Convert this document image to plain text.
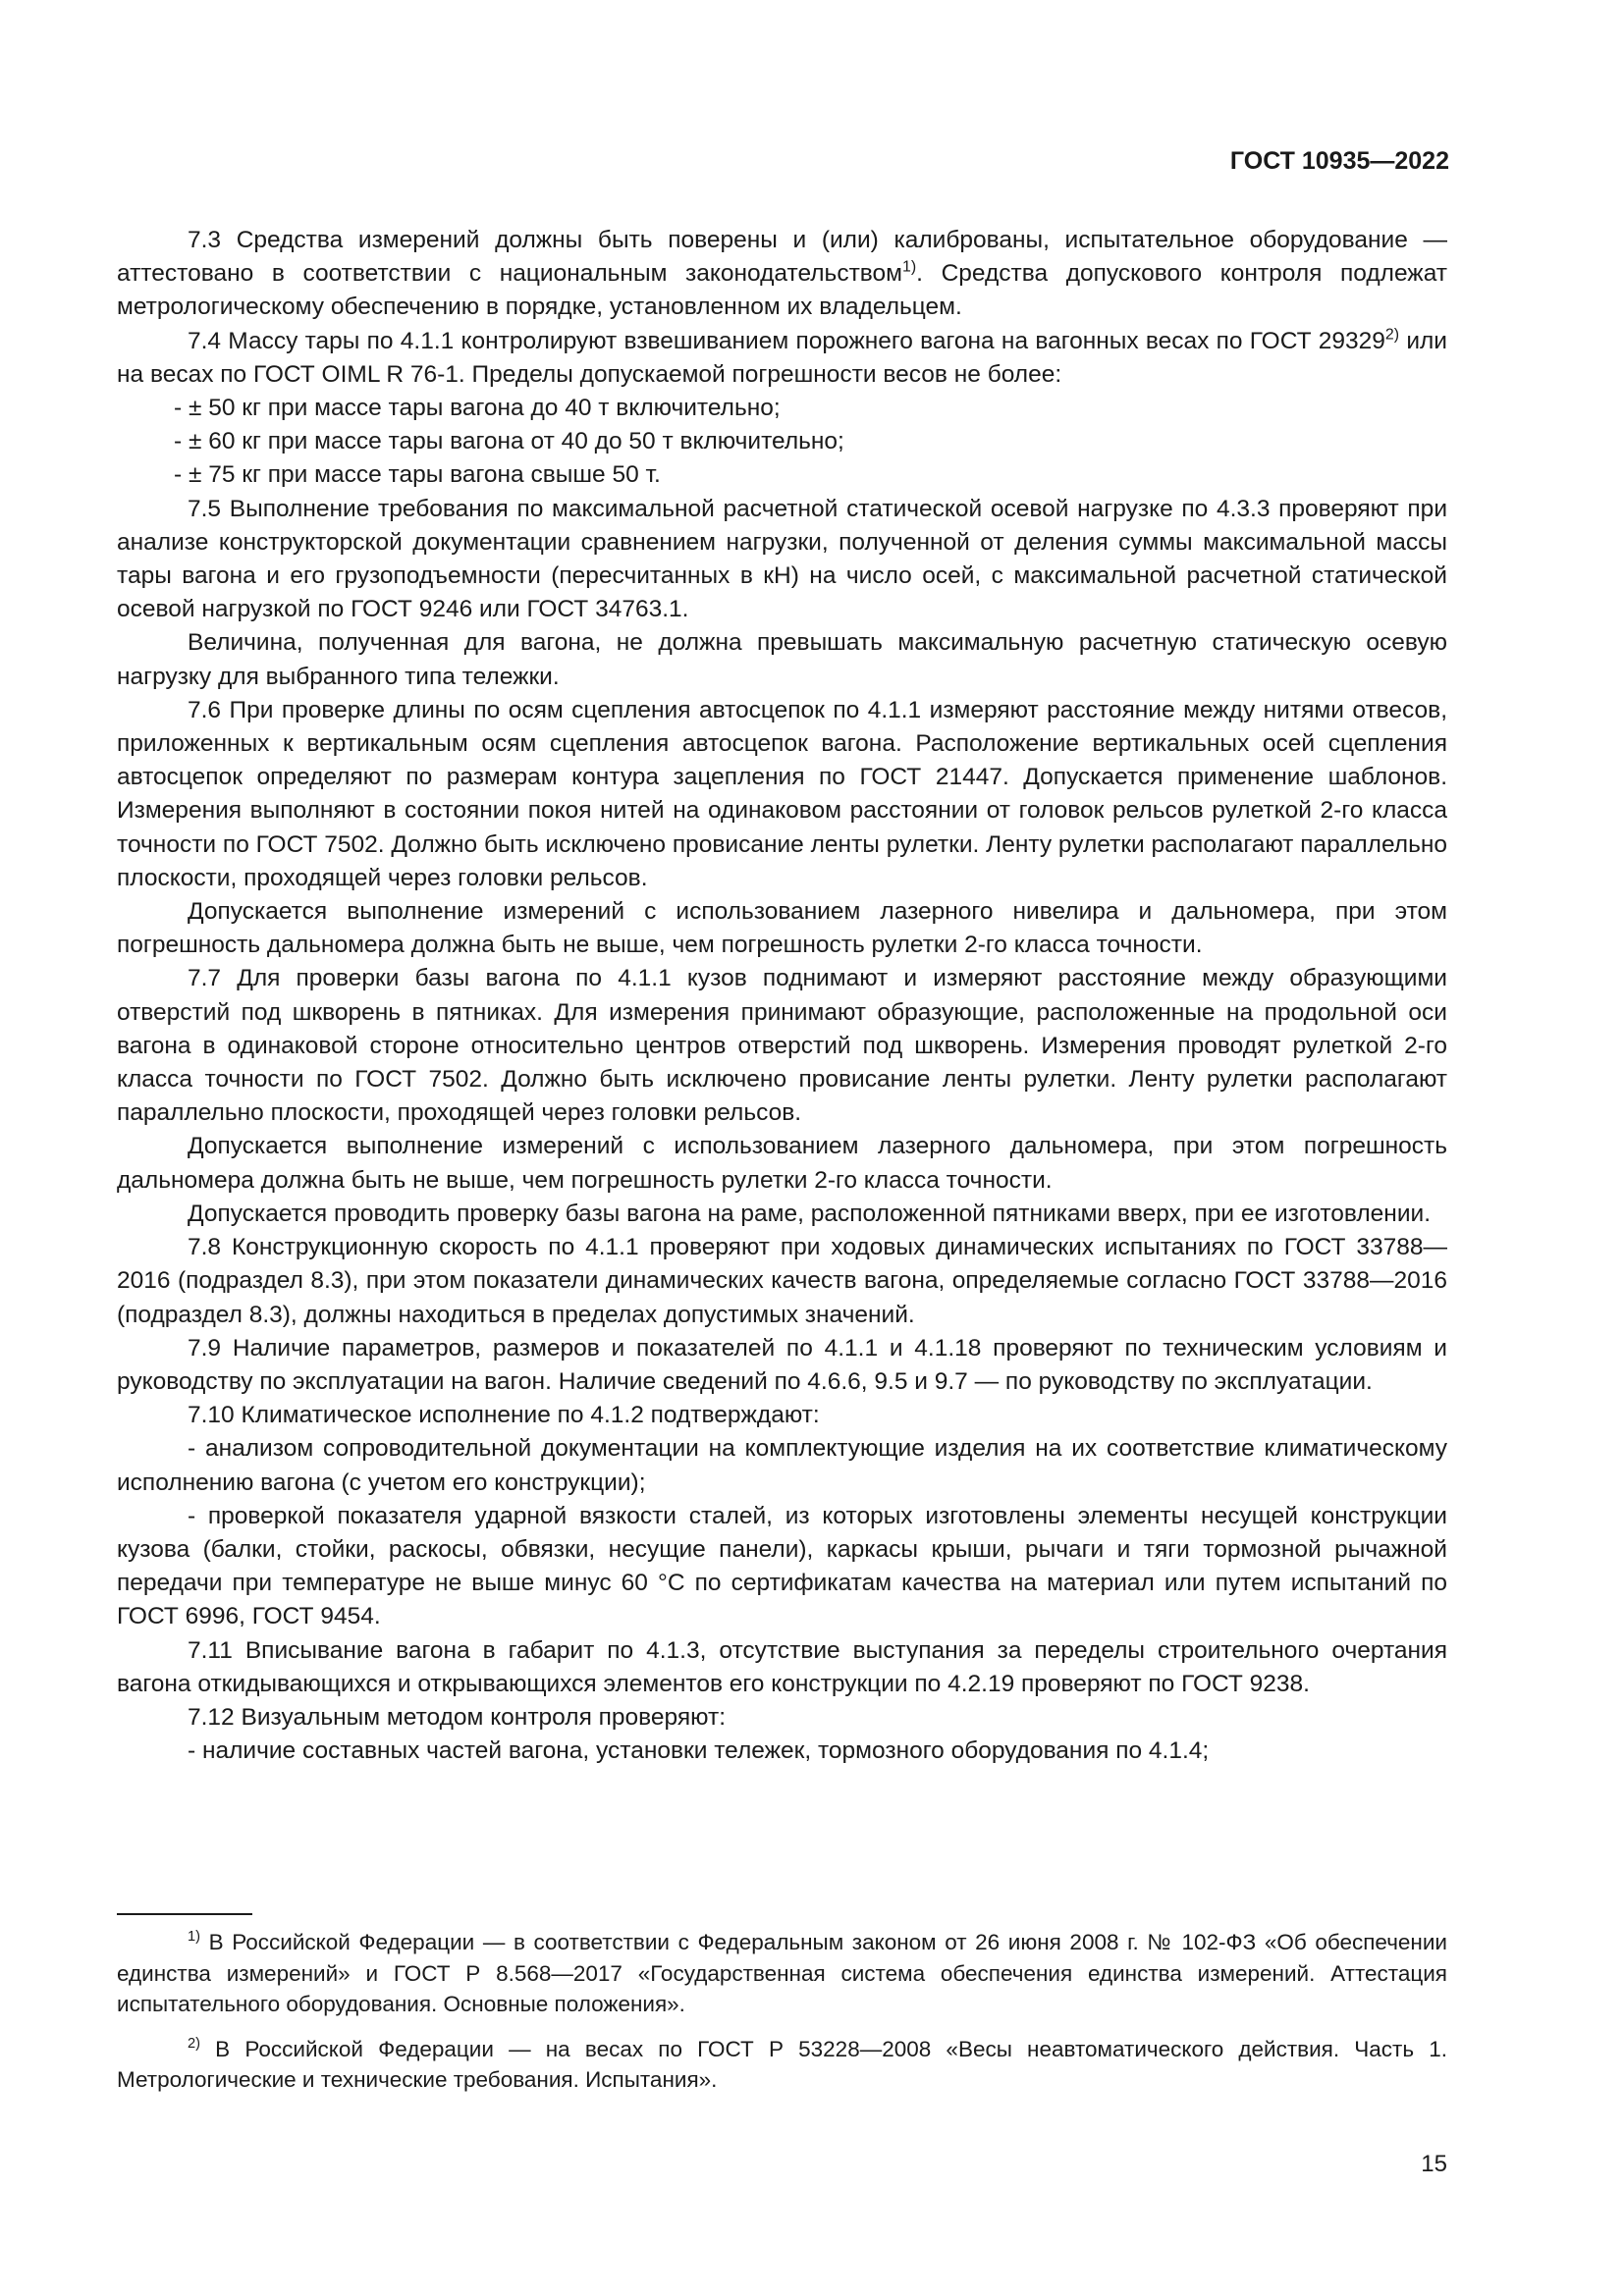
ГОСТ 10935—2022

7.3 Средства измерений должны быть поверены и (или) калиброваны, испытательное оборудование — аттестовано в соответствии с национальным законодательством$^{1)}$. Средства допускового контроля подлежат метрологическому обеспечению в порядке, установленном их владельцем.

7.4 Массу тары по 4.1.1 контролируют взвешиванием порожнего вагона на вагонных весах по ГОСТ 29329$^{2)}$ или на весах по ГОСТ OIML R 76-1. Пределы допускаемой погрешности весов не более:

- ± 50 кг при массе тары вагона до 40 т включительно;

- ± 60 кг при массе тары вагона от 40 до 50 т включительно;

- ± 75 кг при массе тары вагона свыше 50 т.

7.5 Выполнение требования по максимальной расчетной статической осевой нагрузке по 4.3.3 проверяют при анализе конструкторской документации сравнением нагрузки, полученной от деления суммы максимальной массы тары вагона и его грузоподъемности (пересчитанных в кН) на число осей, с максимальной расчетной статической осевой нагрузкой по ГОСТ 9246 или ГОСТ 34763.1.

Величина, полученная для вагона, не должна превышать максимальную расчетную статическую осевую нагрузку для выбранного типа тележки.

7.6 При проверке длины по осям сцепления автосцепок по 4.1.1 измеряют расстояние между нитями отвесов, приложенных к вертикальным осям сцепления автосцепок вагона. Расположение вертикальных осей сцепления автосцепок определяют по размерам контура зацепления по ГОСТ 21447. Допускается применение шаблонов. Измерения выполняют в состоянии покоя нитей на одинаковом расстоянии от головок рельсов рулеткой 2-го класса точности по ГОСТ 7502. Должно быть исключено провисание ленты рулетки. Ленту рулетки располагают параллельно плоскости, проходящей через головки рельсов.

Допускается выполнение измерений с использованием лазерного нивелира и дальномера, при этом погрешность дальномера должна быть не выше, чем погрешность рулетки 2-го класса точности.

7.7 Для проверки базы вагона по 4.1.1 кузов поднимают и измеряют расстояние между образующими отверстий под шкворень в пятниках. Для измерения принимают образующие, расположенные на продольной оси вагона в одинаковой стороне относительно центров отверстий под шкворень. Измерения проводят рулеткой 2-го класса точности по ГОСТ 7502. Должно быть исключено провисание ленты рулетки. Ленту рулетки располагают параллельно плоскости, проходящей через головки рельсов.

Допускается выполнение измерений с использованием лазерного дальномера, при этом погрешность дальномера должна быть не выше, чем погрешность рулетки 2-го класса точности.

Допускается проводить проверку базы вагона на раме, расположенной пятниками вверх, при ее изготовлении.

7.8 Конструкционную скорость по 4.1.1 проверяют при ходовых динамических испытаниях по ГОСТ 33788—2016 (подраздел 8.3), при этом показатели динамических качеств вагона, определяемые согласно ГОСТ 33788—2016 (подраздел 8.3), должны находиться в пределах допустимых значений.

7.9 Наличие параметров, размеров и показателей по 4.1.1 и 4.1.18 проверяют по техническим условиям и руководству по эксплуатации на вагон. Наличие сведений по 4.6.6, 9.5 и 9.7 — по руководству по эксплуатации.

7.10 Климатическое исполнение по 4.1.2 подтверждают:

- анализом сопроводительной документации на комплектующие изделия на их соответствие климатическому исполнению вагона (с учетом его конструкции);

- проверкой показателя ударной вязкости сталей, из которых изготовлены элементы несущей конструкции кузова (балки, стойки, раскосы, обвязки, несущие панели), каркасы крыши, рычаги и тяги тормозной рычажной передачи при температуре не выше минус 60 °С по сертификатам качества на материал или путем испытаний по ГОСТ 6996, ГОСТ 9454.

7.11 Вписывание вагона в габарит по 4.1.3, отсутствие выступания за переделы строительного очертания вагона откидывающихся и открывающихся элементов его конструкции по 4.2.19 проверяют по ГОСТ 9238.

7.12 Визуальным методом контроля проверяют:

- наличие составных частей вагона, установки тележек, тормозного оборудования по 4.1.4;

$^{1)}$ В Российской Федерации — в соответствии с Федеральным законом от 26 июня 2008 г. № 102-ФЗ «Об обеспечении единства измерений» и ГОСТ Р 8.568—2017 «Государственная система обеспечения единства измерений. Аттестация испытательного оборудования. Основные положения».

$^{2)}$ В Российской Федерации — на весах по ГОСТ Р 53228—2008 «Весы неавтоматического действия. Часть 1. Метрологические и технические требования. Испытания».

15
